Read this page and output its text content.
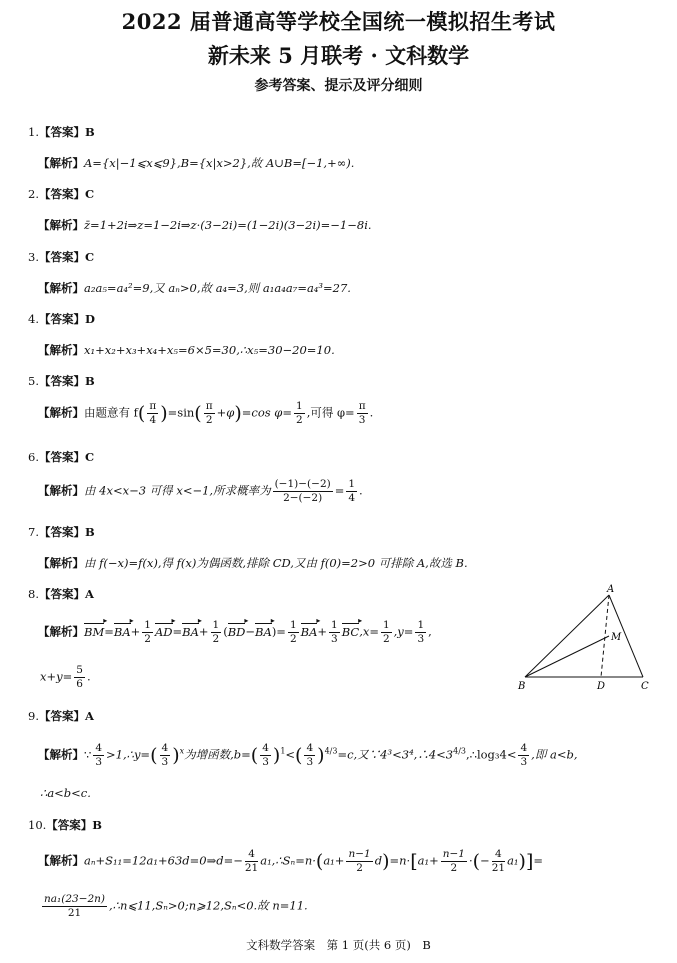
2022 届普通高等学校全国统一模拟招生考试
新未来 5 月联考 · 文科数学
参考答案、提示及评分细则
1.【答案】B
【解析】A={x|−1⩽x⩽9},B={x|x>2},故 A∪B=[−1,+∞).
2.【答案】C
【解析】z̄=1+2i⇒z=1−2i⇒z·(3−2i)=(1−2i)(3−2i)=−1−8i.
3.【答案】C
【解析】a₂a₅=a₄²=9,又 aₙ>0,故 a₄=3,则 a₁a₄a₇=a₄³=27.
4.【答案】D
【解析】x₁+x₂+x₃+x₄+x₅=6×5=30,∴x₅=30−20=10.
5.【答案】B
【解析】由题意有 $f( \frac{\pi}{4} )=\sin( \frac{\pi}{2} +\varphi)=\cos$ $\varphi= \frac{1}{2}$ ,可得 $\varphi= \frac{\pi}{3}$ .
6.【答案】C
【解析】由 4x<x−3 可得 x<−1,所求概率为 $\frac{(-1)-(-2)}{2-(-2)} = \frac{1}{4}$ .
7.【答案】B
【解析】由 f(−x)=f(x),得 f(x)为偶函数,排除 CD,又由 f(0)=2>0 可排除 A,故选 B.
8.【答案】A
【解析】BM ▸=BA ▸+ $\frac{1}{2}$ AD ▸=BA ▸+ $\frac{1}{2} (BD$ ▸−BA ▸)= $\frac{1}{2}$ BA ▸+ $\frac{1}{3}$ BC ▸,x= $\frac{1}{2} ,y= \frac{1}{3}$ ,
$x+y= \frac{5}{6}$ .
A
M
B	D	C
9.【答案】A
【解析】∵ $\frac{4}{3}$ >1,∴y=( $\frac{4}{3} )^x$为增函数$,b=( \frac{4}{3} )^1<( \frac{4}{3} )^{4/3}=c$,又$\because 4^3<3^4,\therefore 4<3^{4/3},\therefore\log_34< \frac{4}{3}$ ,即 a<b,
∴a<b<c.
10.【答案】B
【解析】aₙ+S₁₁=12a₁+63d=0⇒d=− $\frac{4}{21}$ a₁,∴Sₙ=n·(a₁+ $\frac{n-1}{2} d)=n\cdot[a_1+ \frac{n-1}{2}$ ·(− $\frac{4}{21} a_1)]=$
$\frac{\text{na₁(23−2n)}}{21}$ ,∴n⩽11,Sₙ>0;n⩾12,Sₙ<0.故 n=11.
文科数学答案　第 1 页(共 6 页)　B
